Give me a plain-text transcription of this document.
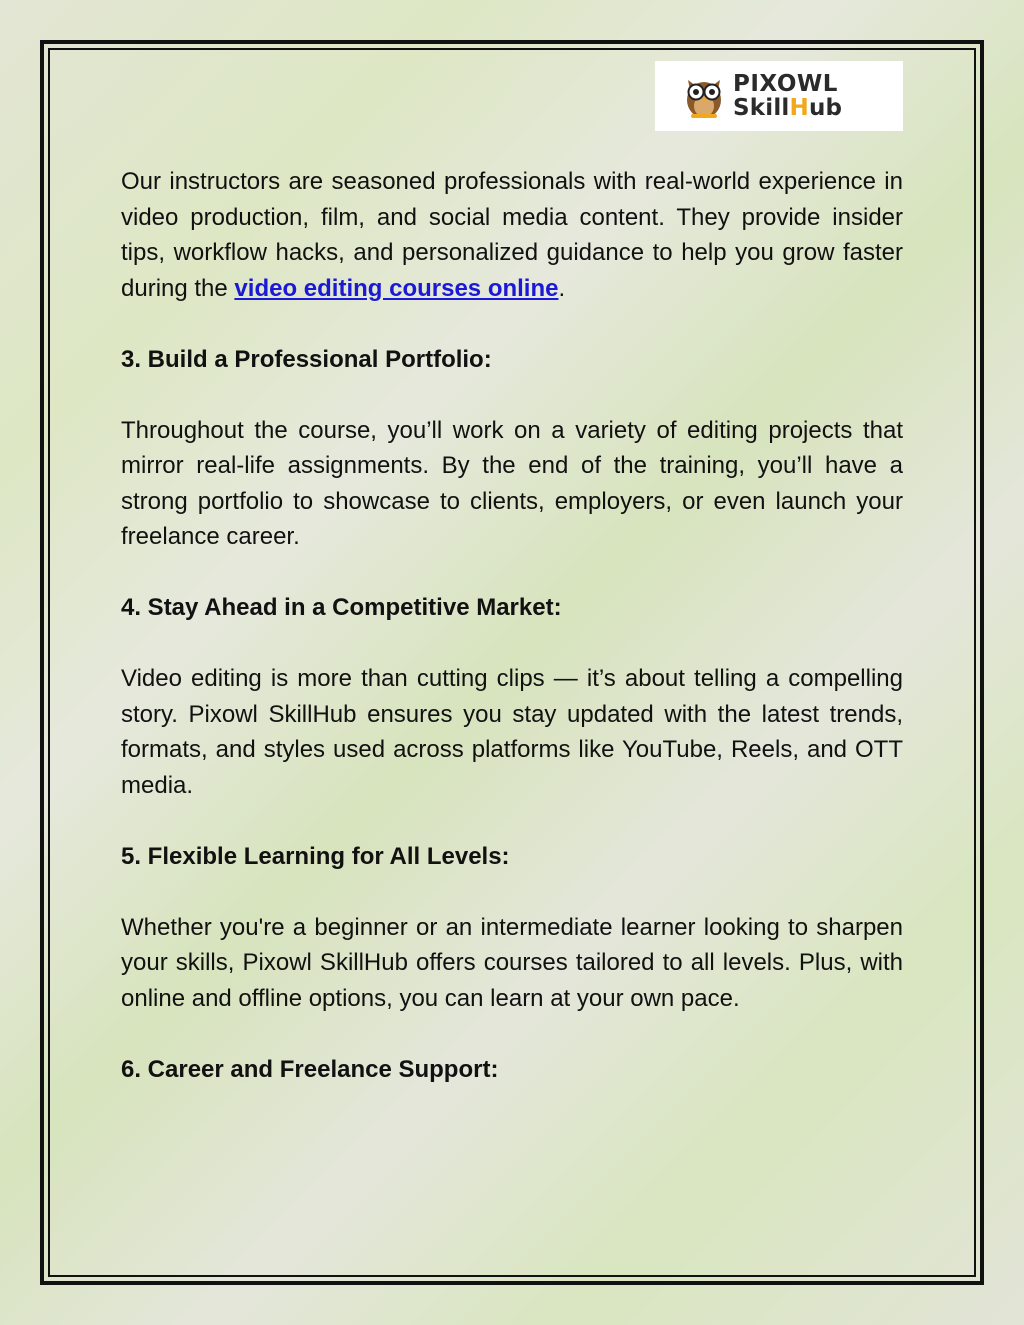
PIXOWL
SkillHub

Our instructors are seasoned professionals with real-world experience in video production, film, and social media content. They provide insider tips, workflow hacks, and personalized guidance to help you grow faster during the video editing courses online.

3. Build a Professional Portfolio:

Throughout the course, you’ll work on a variety of editing projects that mirror real-life assignments. By the end of the training, you’ll have a strong portfolio to showcase to clients, employers, or even launch your freelance career.

4. Stay Ahead in a Competitive Market:

Video editing is more than cutting clips — it’s about telling a compelling story. Pixowl SkillHub ensures you stay updated with the latest trends, formats, and styles used across platforms like YouTube, Reels, and OTT media.

5. Flexible Learning for All Levels:

Whether you're a beginner or an intermediate learner looking to sharpen your skills, Pixowl SkillHub offers courses tailored to all levels. Plus, with online and offline options, you can learn at your own pace.

6. Career and Freelance Support:
